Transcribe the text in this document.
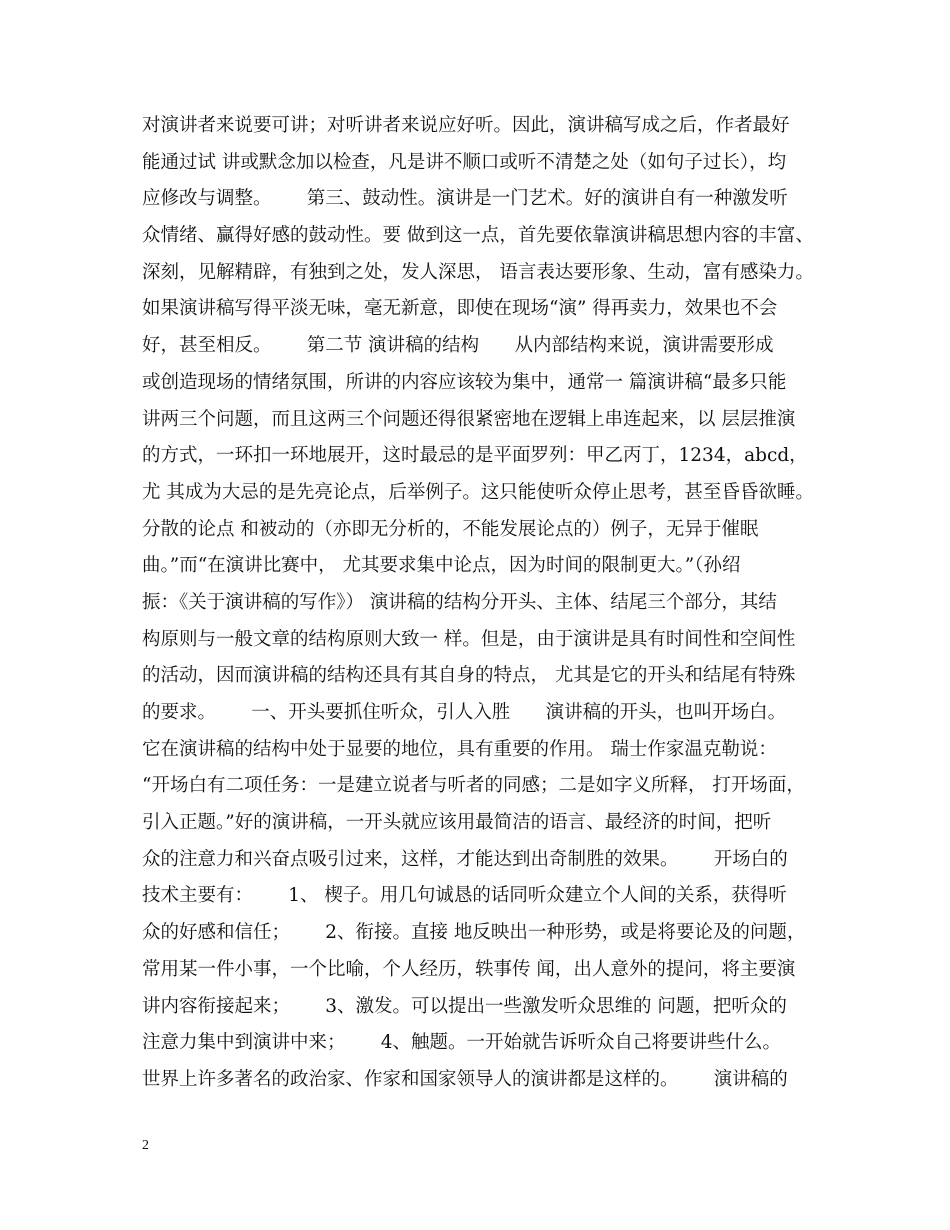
对演讲者来说要可讲；对听讲者来说应好听。因此，演讲稿写成之后，作者最好
能通过试 讲或默念加以检查，凡是讲不顺口或听不清楚之处（如句子过长），均
应修改与调整。      第三、鼓动性。演讲是一门艺术。好的演讲自有一种激发听
众情绪、赢得好感的鼓动性。要 做到这一点，首先要依靠演讲稿思想内容的丰富、
深刻，见解精辟，有独到之处，发人深思， 语言表达要形象、生动，富有感染力。
如果演讲稿写得平淡无味，毫无新意，即使在现场“演” 得再卖力，效果也不会
好，甚至相反。      第二节 演讲稿的结构      从内部结构来说，演讲需要形成
或创造现场的情绪氛围，所讲的内容应该较为集中，通常一 篇演讲稿“最多只能
讲两三个问题，而且这两三个问题还得很紧密地在逻辑上串连起来，以 层层推演
的方式，一环扣一环地展开，这时最忌的是平面罗列：甲乙丙丁，1234，abcd，
尤 其成为大忌的是先亮论点，后举例子。这只能使听众停止思考，甚至昏昏欲睡。
分散的论点 和被动的（亦即无分析的，不能发展论点的）例子，无异于催眠
曲。”而“在演讲比赛中， 尤其要求集中论点，因为时间的限制更大。”（孙绍
振：《关于演讲稿的写作》） 演讲稿的结构分开头、主体、结尾三个部分，其结
构原则与一般文章的结构原则大致一 样。但是，由于演讲是具有时间性和空间性
的活动，因而演讲稿的结构还具有其自身的特点， 尤其是它的开头和结尾有特殊
的要求。      一、开头要抓住听众，引人入胜      演讲稿的开头，也叫开场白。
它在演讲稿的结构中处于显要的地位，具有重要的作用。 瑞士作家温克勒说：
“开场白有二项任务：一是建立说者与听者的同感；二是如字义所释， 打开场面，
引入正题。”好的演讲稿，一开头就应该用最简洁的语言、最经济的时间，把听
众的注意力和兴奋点吸引过来，这样，才能达到出奇制胜的效果。      开场白的
技术主要有：      1、 楔子。用几句诚恳的话同听众建立个人间的关系，获得听
众的好感和信任；      2、衔接。直接 地反映出一种形势，或是将要论及的问题，
常用某一件小事，一个比喻，个人经历，轶事传 闻，出人意外的提问，将主要演
讲内容衔接起来；      3、激发。可以提出一些激发听众思维的 问题，把听众的
注意力集中到演讲中来；      4、触题。一开始就告诉听众自己将要讲些什么。
世界上许多著名的政治家、作家和国家领导人的演讲都是这样的。      演讲稿的
2
